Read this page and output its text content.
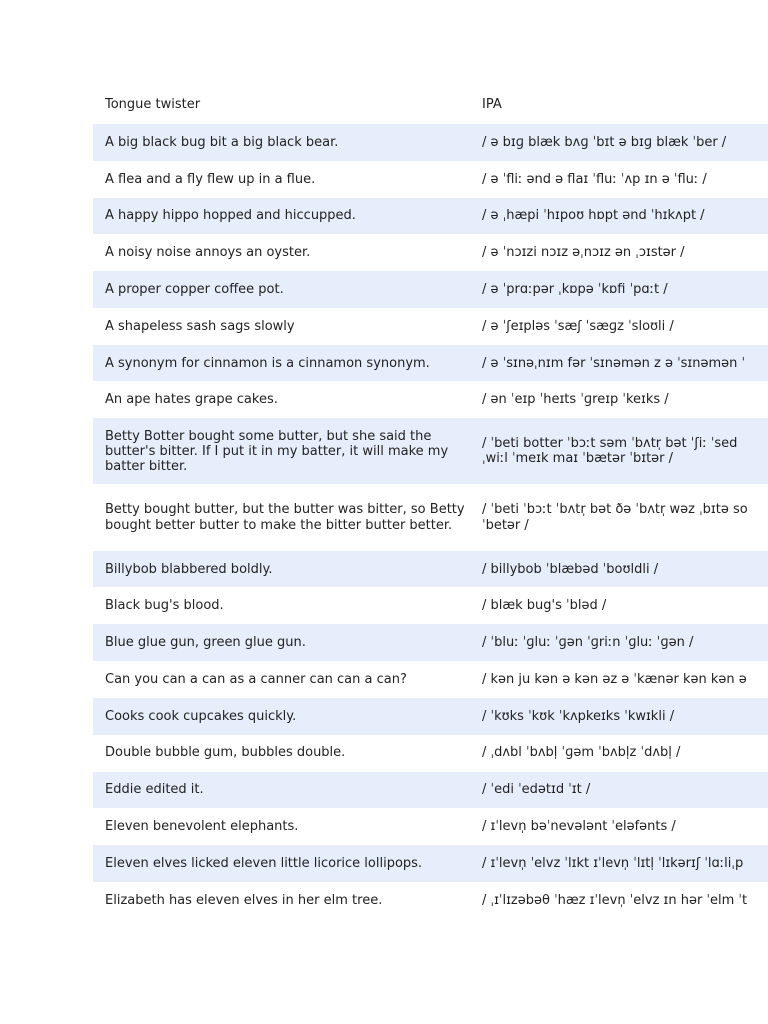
Tongue twister	IPA
A big black bug bit a big black bear.	/ ə bɪɡ blæk bʌɡ ˈbɪt ə bɪɡ blæk ˈber /
A flea and a fly flew up in a flue.	/ ə ˈfliː ənd ə flaɪ ˈfluː ˈʌp ɪn ə ˈfluː /
A happy hippo hopped and hiccupped.	/ ə ˌhæpi ˈhɪpoʊ hɒpt ənd ˈhɪkʌpt /
A noisy noise annoys an oyster.	/ ə ˈnɔɪzi nɔɪz əˌnɔɪz ən ˌɔɪstər /
A proper copper coffee pot.	/ ə ˈprɑːpər ˌkɒpə ˈkɒfi ˈpɑːt /
A shapeless sash sags slowly	/ ə ˈʃeɪpləs ˈsæʃ ˈsæɡz ˈsloʊli /
A synonym for cinnamon is a cinnamon synonym.	/ ə ˈsɪnəˌnɪm fər ˈsɪnəmən z ə ˈsɪnəmən ˈ
An ape hates grape cakes.	/ ən ˈeɪp ˈheɪts ˈɡreɪp ˈkeɪks /
Betty Botter bought some butter, but she said the butter's bitter. If I put it in my batter, it will make my batter bitter.
/ ˈbeti botter ˈbɔːt səm ˈbʌtr̩ bət ˈʃiː ˈsed
ˌwiːl ˈmeɪk maɪ ˈbætər ˈbɪtər /
Betty bought butter, but the butter was bitter, so Betty bought better butter to make the bitter butter better.
/ ˈbeti ˈbɔːt ˈbʌtr̩ bət ðə ˈbʌtr̩ wəz ˌbɪtə so
ˈbetər /
Billybob blabbered boldly.	/ billybob ˈblæbəd ˈboʊldli /
Black bug's blood.	/ blæk bug's ˈbləd /
Blue glue gun, green glue gun.	/ ˈbluː ˈɡluː ˈɡən ˈɡriːn ˈɡluː ˈɡən /
Can you can a can as a canner can can a can?	/ kən ju kən ə kən əz ə ˈkænər kən kən ə
Cooks cook cupcakes quickly.	/ ˈkʊks ˈkʊk ˈkʌpkeɪks ˈkwɪkli /
Double bubble gum, bubbles double.	/ ˌdʌbl ˈbʌbl̩ ˈɡəm ˈbʌbl̩z ˈdʌbl̩ /
Eddie edited it.	/ ˈedi ˈedətɪd ˈɪt /
Eleven benevolent elephants.	/ ɪˈlevn̩ bəˈnevələnt ˈeləfənts /
Eleven elves licked eleven little licorice lollipops.	/ ɪˈlevn̩ ˈelvz ˈlɪkt ɪˈlevn̩ ˈlɪtl̩ ˈlɪkərɪʃ ˈlɑːliˌp
Elizabeth has eleven elves in her elm tree.	/ ˌɪˈlɪzəbəθ ˈhæz ɪˈlevn̩ ˈelvz ɪn hər ˈelm ˈt
